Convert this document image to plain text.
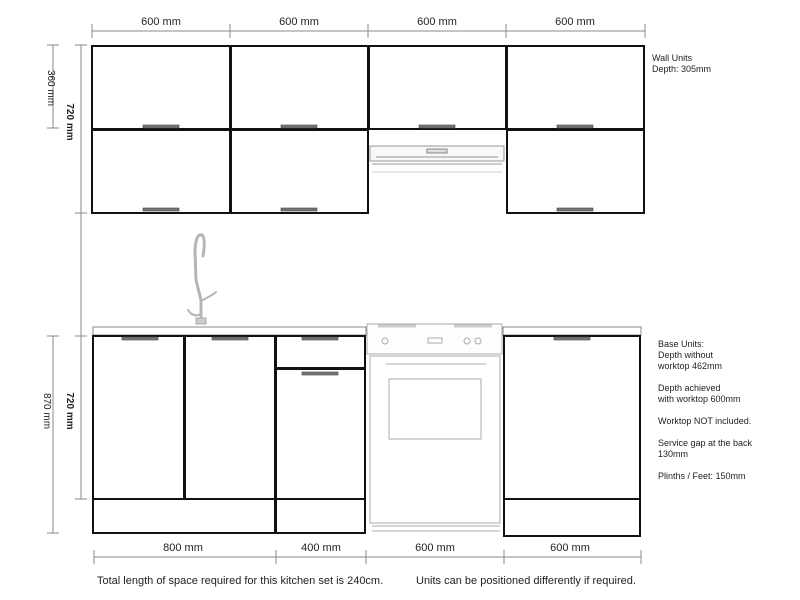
600 mm	600 mm	600 mm	600 mm
360 mm
720 mm
870 mm 720 mm
800 mm	400 mm	600 mm	600 mm
Wall Units
Depth: 305mm
Base Units:
Depth without
worktop 462mm
Depth achieved
with worktop 600mm
Worktop NOT included.
Service gap at the back
130mm
Plinths / Feet: 150mm
Total length of space required for this kitchen set is 240cm.	Units can be positioned differently if required.
